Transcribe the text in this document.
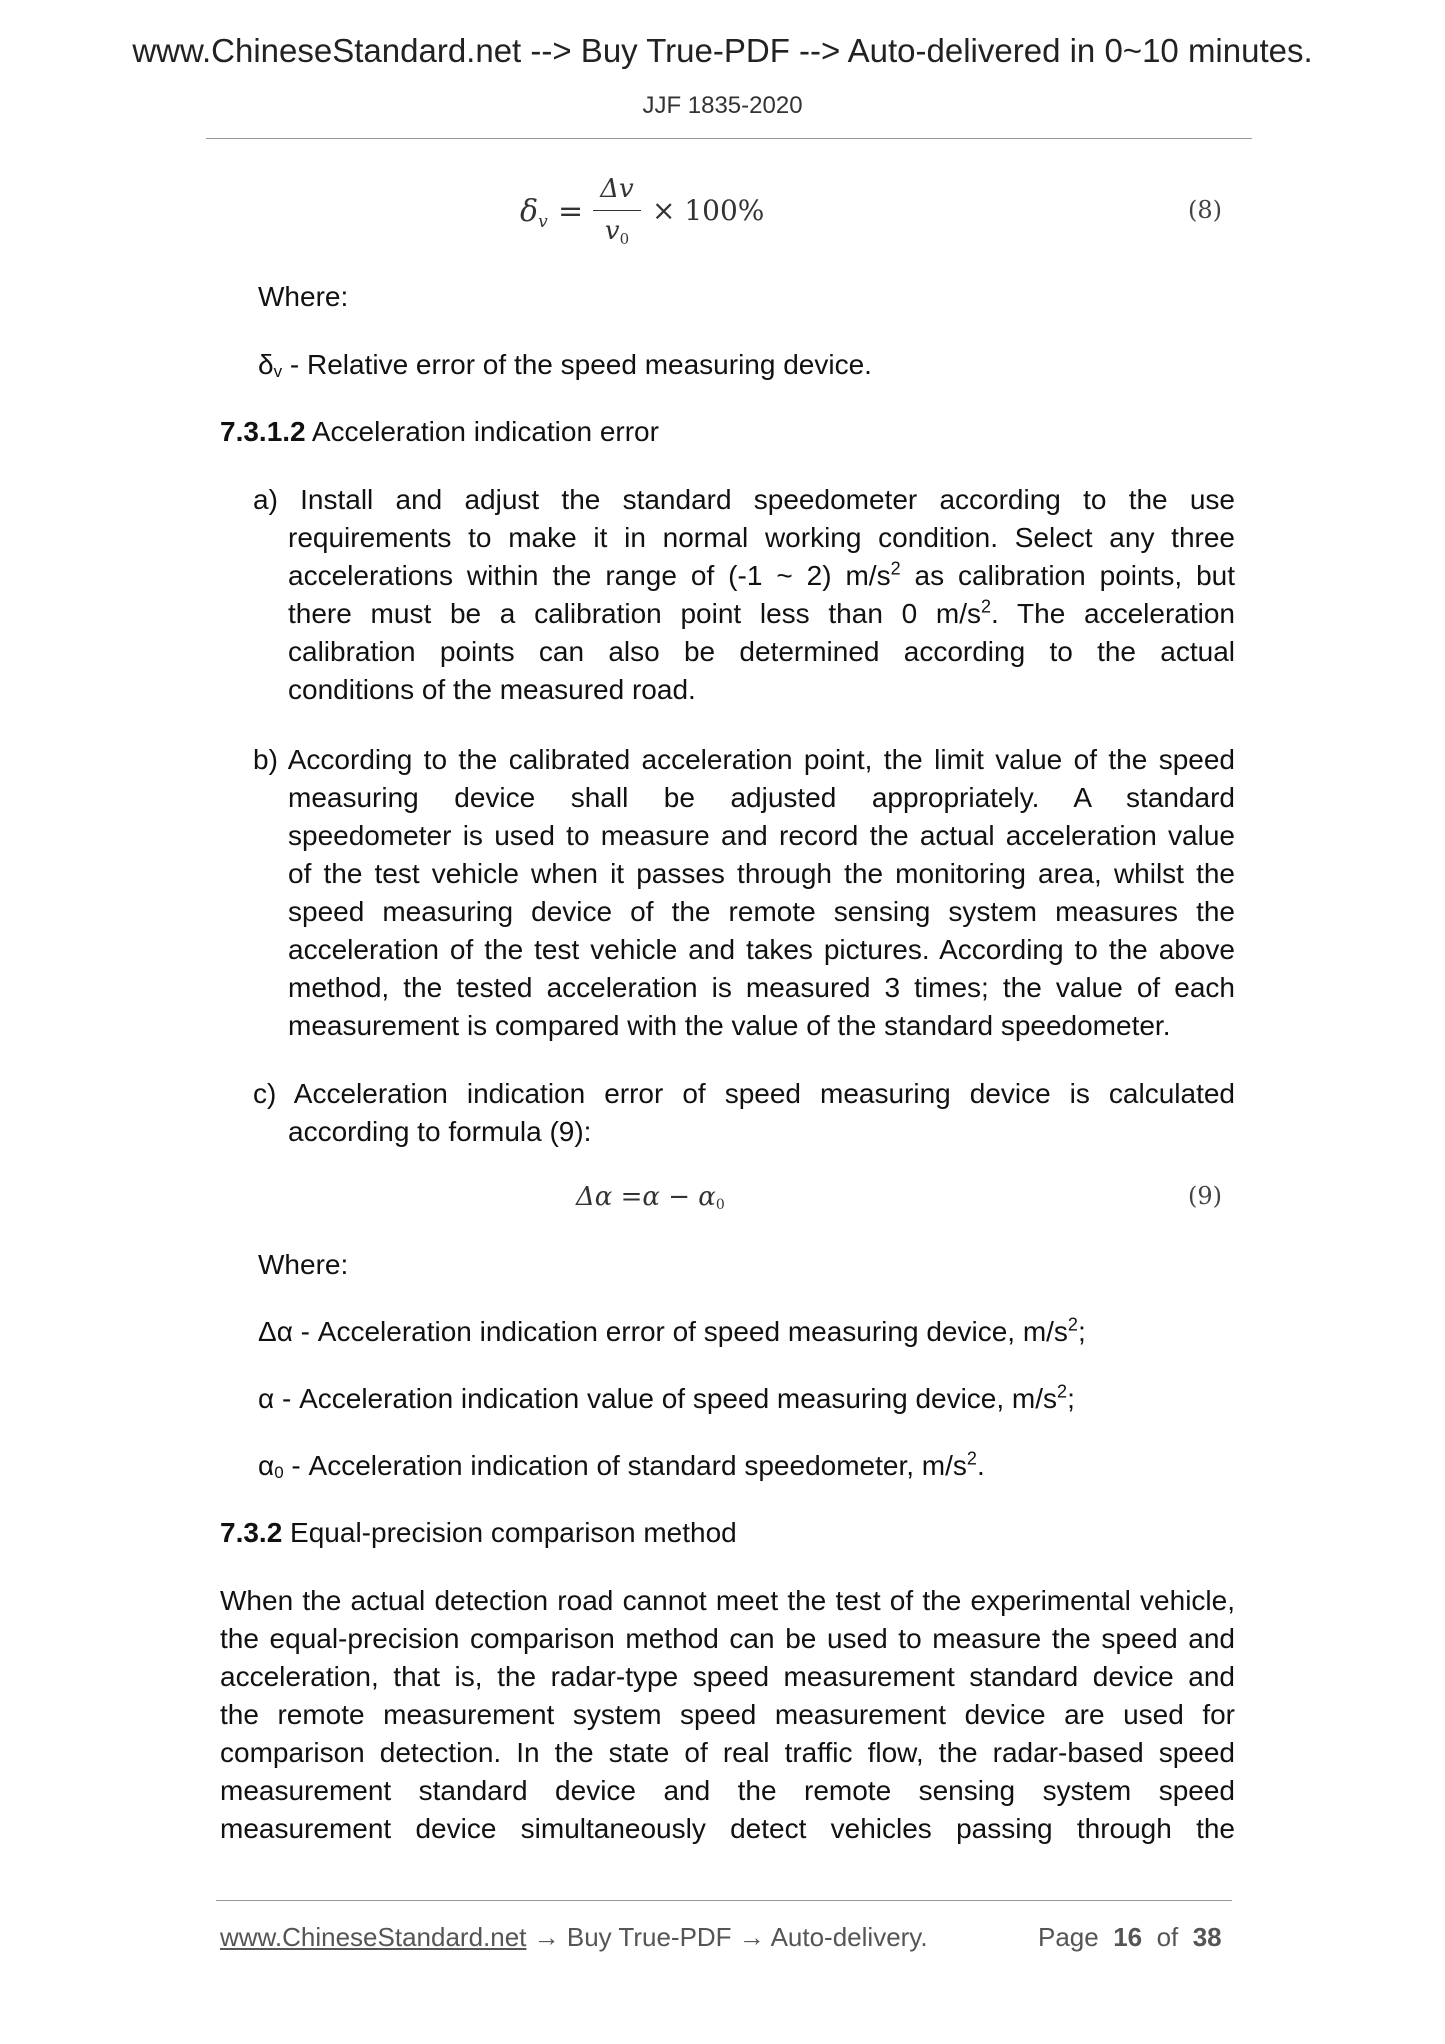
www.ChineseStandard.net --> Buy True-PDF --> Auto-delivered in 0~10 minutes.
JJF 1835-2020
$\delta_v$ =
Δv
v0
× 100%	(8)
Where:
δv - Relative error of the speed measuring device.
7.3.1.2 Acceleration indication error
a) Install and adjust the standard speedometer according to the use
requirements to make it in normal working condition. Select any three
accelerations within the range of (-1 ~ 2) $m/s^2$ as calibration points, but
there must be a calibration point less than 0 $m/s^2$. The acceleration
calibration points can also be determined according to the actual
conditions of the measured road.
b) According to the calibrated acceleration point, the limit value of the speed
measuring device shall be adjusted appropriately. A standard
speedometer is used to measure and record the actual acceleration value
of the test vehicle when it passes through the monitoring area, whilst the
speed measuring device of the remote sensing system measures the
acceleration of the test vehicle and takes pictures. According to the above
method, the tested acceleration is measured 3 times; the value of each
measurement is compared with the value of the standard speedometer.
c) Acceleration indication error of speed measuring device is calculated
according to formula (9):
Δα =α − α0	(9)
Where:
Δα - Acceleration indication error of speed measuring device, $m/s^2$;
α - Acceleration indication value of speed measuring device, $m/s^2$;
α0 - Acceleration indication of standard speedometer, $m/s^2$.
7.3.2 Equal-precision comparison method
When the actual detection road cannot meet the test of the experimental vehicle,
the equal-precision comparison method can be used to measure the speed and
acceleration, that is, the radar-type speed measurement standard device and
the remote measurement system speed measurement device are used for
comparison detection. In the state of real traffic flow, the radar-based speed
measurement standard device and the remote sensing system speed
measurement device simultaneously detect vehicles passing through the
www.ChineseStandard.net → Buy True-PDF → Auto-delivery.	Page 16 of 38
